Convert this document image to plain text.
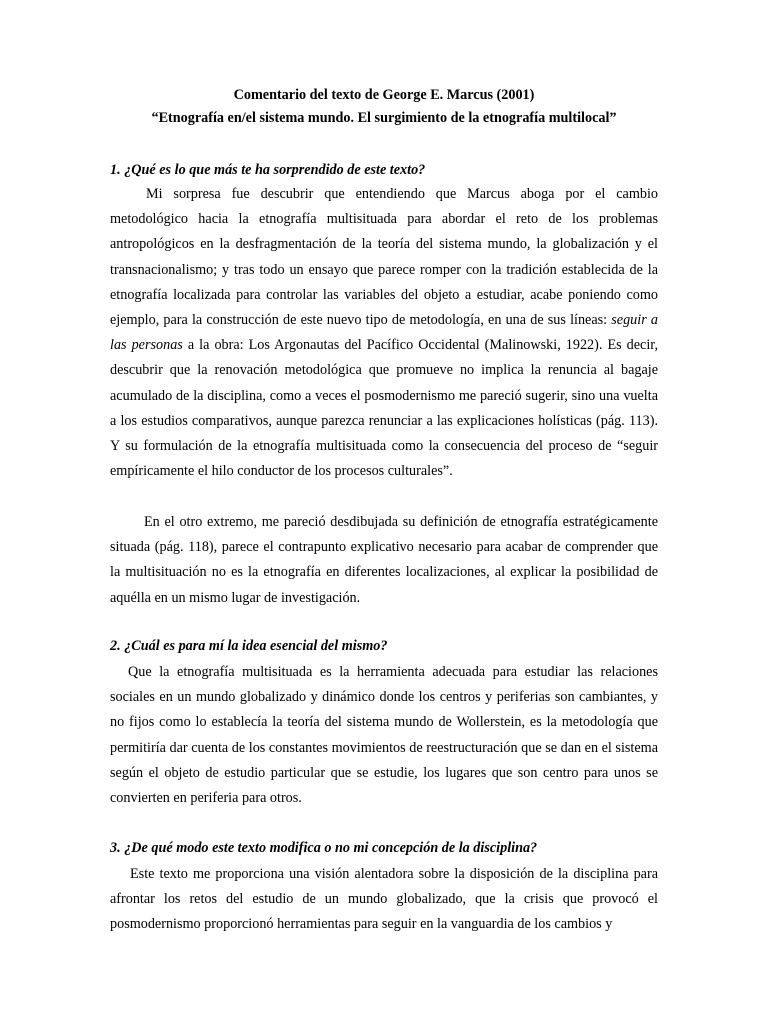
Comentario del texto de George E. Marcus (2001)

“Etnografía en/el sistema mundo. El surgimiento de la etnografía multilocal”

1. ¿Qué es lo que más te ha sorprendido de este texto?

Mi sorpresa fue descubrir que entendiendo que Marcus aboga por el cambio metodológico hacia la etnografía multisituada para abordar el reto de los problemas antropológicos en la desfragmentación de la teoría del sistema mundo, la globalización y el transnacionalismo; y tras todo un ensayo que parece romper con la tradición establecida de la etnografía localizada para controlar las variables del objeto a estudiar, acabe poniendo como ejemplo, para la construcción de este nuevo tipo de metodología, en una de sus líneas: seguir a las personas a la obra: Los Argonautas del Pacífico Occidental (Malinowski, 1922). Es decir, descubrir que la renovación metodológica que promueve no implica la renuncia al bagaje acumulado de la disciplina, como a veces el posmodernismo me pareció sugerir, sino una vuelta a los estudios comparativos, aunque parezca renunciar a las explicaciones holísticas (pág. 113). Y su formulación de la etnografía multisituada como la consecuencia del proceso de “seguir empíricamente el hilo conductor de los procesos culturales”.

En el otro extremo, me pareció desdibujada su definición de etnografía estratégicamente situada (pág. 118), parece el contrapunto explicativo necesario para acabar de comprender que la multisituación no es la etnografía en diferentes localizaciones, al explicar la posibilidad de aquélla en un mismo lugar de investigación.

2. ¿Cuál es para mí la idea esencial del mismo?

Que la etnografía multisituada es la herramienta adecuada para estudiar las relaciones sociales en un mundo globalizado y dinámico donde los centros y periferias son cambiantes, y no fijos como lo establecía la teoría del sistema mundo de Wollerstein, es la metodología que permitiría dar cuenta de los constantes movimientos de reestructuración que se dan en el sistema según el objeto de estudio particular que se estudie, los lugares que son centro para unos se convierten en periferia para otros.

3. ¿De qué modo este texto modifica o no mi concepción de la disciplina?

Este texto me proporciona una visión alentadora sobre la disposición de la disciplina para afrontar los retos del estudio de un mundo globalizado, que la crisis que provocó el posmodernismo proporcionó herramientas para seguir en la vanguardia de los cambios y
